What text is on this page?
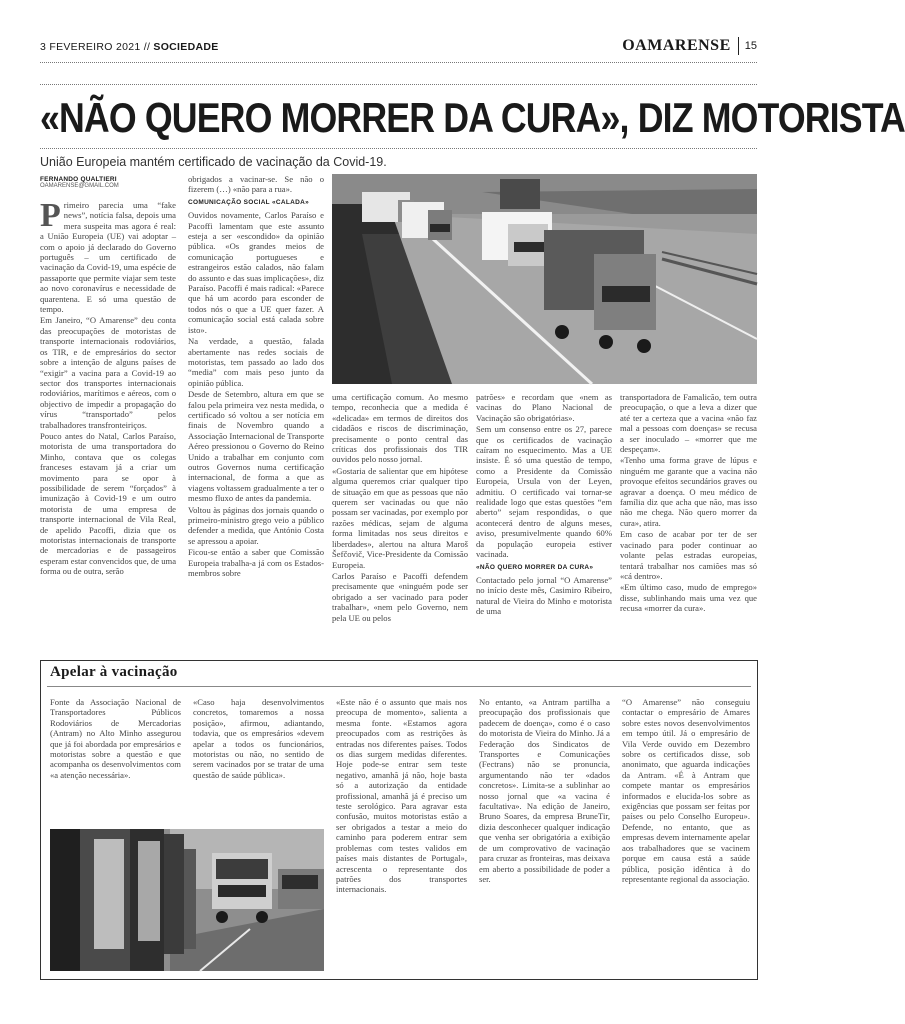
3 FEVEREIRO 2021 // SOCIEDADE	OAMARENSE 15
«NÃO QUERO MORRER DA CURA», DIZ MOTORISTA
União Europeia mantém certificado de vacinação da Covid-19.
FERNANDO QUALTIERI
OAMARENSE@GMAIL.COM

Primeiro parecia uma “fake news”, notícia falsa, depois uma mera suspeita mas agora é real: a União Europeia (UE) vai adoptar – com o apoio já declarado do Governo português – um certificado de vacinação da Covid-19, uma espécie de passaporte que permite viajar sem teste ao novo coronavírus e necessidade de quarentena. E só uma questão de tempo.

Em Janeiro, “O Amarense” deu conta das preocupações de motoristas de transporte internacionais rodoviários, os TIR, e de empresários do sector sobre a intenção de alguns países de “exigir” a vacina para a Covid-19 ao sector dos transportes internacionais rodoviários, marítimos e aéreos, com o objectivo de impedir a propagação do vírus “transportado” pelos trabalhadores transfronteiriços.

Pouco antes do Natal, Carlos Paraíso, motorista de uma transportadora do Minho, contava que os colegas franceses estavam já a criar um movimento para se opor à possibilidade de serem “forçados” à imunização à Covid-19 e um outro motorista de uma empresa de transporte internacional de Vila Real, de apelido Pacoffi, dizia que os motoristas internacionais de transporte de mercadorias e de passageiros esperam estar convencidos que, de uma forma ou de outra, serão

obrigados a vacinar-se. Se não o fizerem (…) «não para a rua».

COMUNICAÇÃO SOCIAL «CALADA»

Ouvidos novamente, Carlos Paraíso e Pacoffi lamentam que este assunto esteja a ser «escondido» da opinião pública. «Os grandes meios de comunicação portugueses e estrangeiros estão calados, não falam do assunto e das suas implicações», diz Paraíso. Pacoffi é mais radical: «Parece que há um acordo para esconder de todos nós o que a UE quer fazer. A comunicação social está calada sobre isto».

Na verdade, a questão, falada abertamente nas redes sociais de motoristas, tem passado ao lado dos “media” com mais peso junto da opinião pública.

Desde de Setembro, altura em que se falou pela primeira vez nesta medida, o certificado só voltou a ser notícia em finais de Novembro quando a Associação Internacional de Transporte Aéreo pressionou o Governo do Reino Unido a trabalhar em conjunto com outros Governos numa certificação internacional, de forma a que as viagens voltassem gradualmente a ter o mesmo fluxo de antes da pandemia.

Voltou às páginas dos jornais quando o primeiro-ministro grego veio a público defender a medida, que António Costa se apressou a apoiar.

Ficou-se então a saber que Comissão Europeia trabalha-a já com os Estados-membros sobre

uma certificação comum. Ao mesmo tempo, reconhecia que a medida é «delicada» em termos de direitos dos cidadãos e riscos de discriminação, precisamente o ponto central das críticas dos profissionais dos TIR ouvidos pelo nosso jornal.

«Gostaria de salientar que em hipótese alguma queremos criar qualquer tipo de situação em que as pessoas que não querem ser vacinadas ou que não possam ser vacinadas, por exemplo por razões médicas, sejam de alguma forma limitadas nos seus direitos e liberdades», alertou na altura Maroš Šefčovič, Vice-Presidente da Comissão Europeia.

Carlos Paraíso e Pacoffi defendem precisamente que «ninguém pode ser obrigado a ser vacinado para poder trabalhar», «nem pelo Governo, nem pela UE ou pelos

patrões» e recordam que «nem as vacinas do Plano Nacional de Vacinação são obrigatórias».

Sem um consenso entre os 27, parece que os certificados de vacinação caíram no esquecimento. Mas a UE insiste. É só uma questão de tempo, como a Presidente da Comissão Europeia, Ursula von der Leyen, admitiu. O certificado vai tornar-se realidade logo que estas questões “em aberto” sejam respondidas, o que acontecerá dentro de alguns meses, aviso, presumivelmente quando 60% da população europeia estiver vacinada.

«NÃO QUERO MORRER DA CURA»

Contactado pelo jornal “O Amarense” no início deste mês, Casimiro Ribeiro, natural de Vieira do Minho e motorista de uma

transportadora de Famalicão, tem outra preocupação, o que a leva a dizer que até ter a certeza que a vacina «não faz mal a pessoas com doenças» se recusa a ser inoculado – «morrer que me despeçam».

«Tenho uma forma grave de lúpus e ninguém me garante que a vacina não provoque efeitos secundários graves ou agravar a doença. O meu médico de família diz que acha que não, mas isso não me chega. Não quero morrer da cura», atira.

Em caso de acabar por ter de ser vacinado para poder continuar ao volante pelas estradas europeias, tentará trabalhar nos camiões mas só «cá dentro».

«Em último caso, mudo de emprego» disse, sublinhando mais uma vez que recusa «morrer da cura».

Apelar à vacinação

Fonte da Associação Nacional de Transportadores Públicos Rodoviários de Mercadorias (Antram) no Alto Minho assegurou que já foi abordada por empresários e motoristas sobre a questão e que acompanha os desenvolvimentos com «a atenção necessária».

«Caso haja desenvolvimentos concretos, tomaremos a nossa posição», afirmou, adiantando, todavia, que os empresários «devem apelar a todos os funcionários, motoristas ou não, no sentido de serem vacinados por se tratar de uma questão de saúde pública».

«Este não é o assunto que mais nos preocupa de momento», salienta a mesma fonte. «Estamos agora preocupados com as restrições às entradas nos diferentes países. Todos os dias surgem medidas diferentes. Hoje pode-se entrar sem teste negativo, amanhã já não, hoje basta só a autorização da entidade profissional, amanhã já é preciso um teste serológico. Para agravar esta confusão, muitos motoristas estão a ser obrigados a testar a meio do caminho para poderem entrar sem problemas com testes validos em países mais distantes de Portugal», acrescenta o representante dos patrões dos transportes internacionais.

No entanto, «a Antram partilha a preocupação dos profissionais que padecem de doença», como é o caso do motorista de Vieira do Minho. Já a Federação dos Sindicatos de Transportes e Comunicações (Fectrans) não se pronuncia, argumentando não ter «dados concretos». Limita-se a sublinhar ao nosso jornal que «a vacina é facultativa». Na edição de Janeiro, Bruno Soares, da empresa BruneTir, dizia desconhecer qualquer indicação que venha ser obrigatória a exibição de um comprovativo de vacinação para cruzar as fronteiras, mas deixava em aberto a possibilidade de poder a ser.

“O Amarense” não conseguiu contactar o empresário de Amares sobre estes novos desenvolvimentos em tempo útil. Já o empresário de Vila Verde ouvido em Dezembro sobre os certificados disse, sob anonimato, que aguarda indicações da Antram. «É à Antram que compete mantar os empresários informados e elucida-los sobre as exigências que possam ser feitas por países ou pelo Conselho Europeu». Defende, no entanto, que as empresas devem internamente apelar aos trabalhadores que se vacinem porque em causa está a saúde pública, posição idêntica à do representante regional da associação.
